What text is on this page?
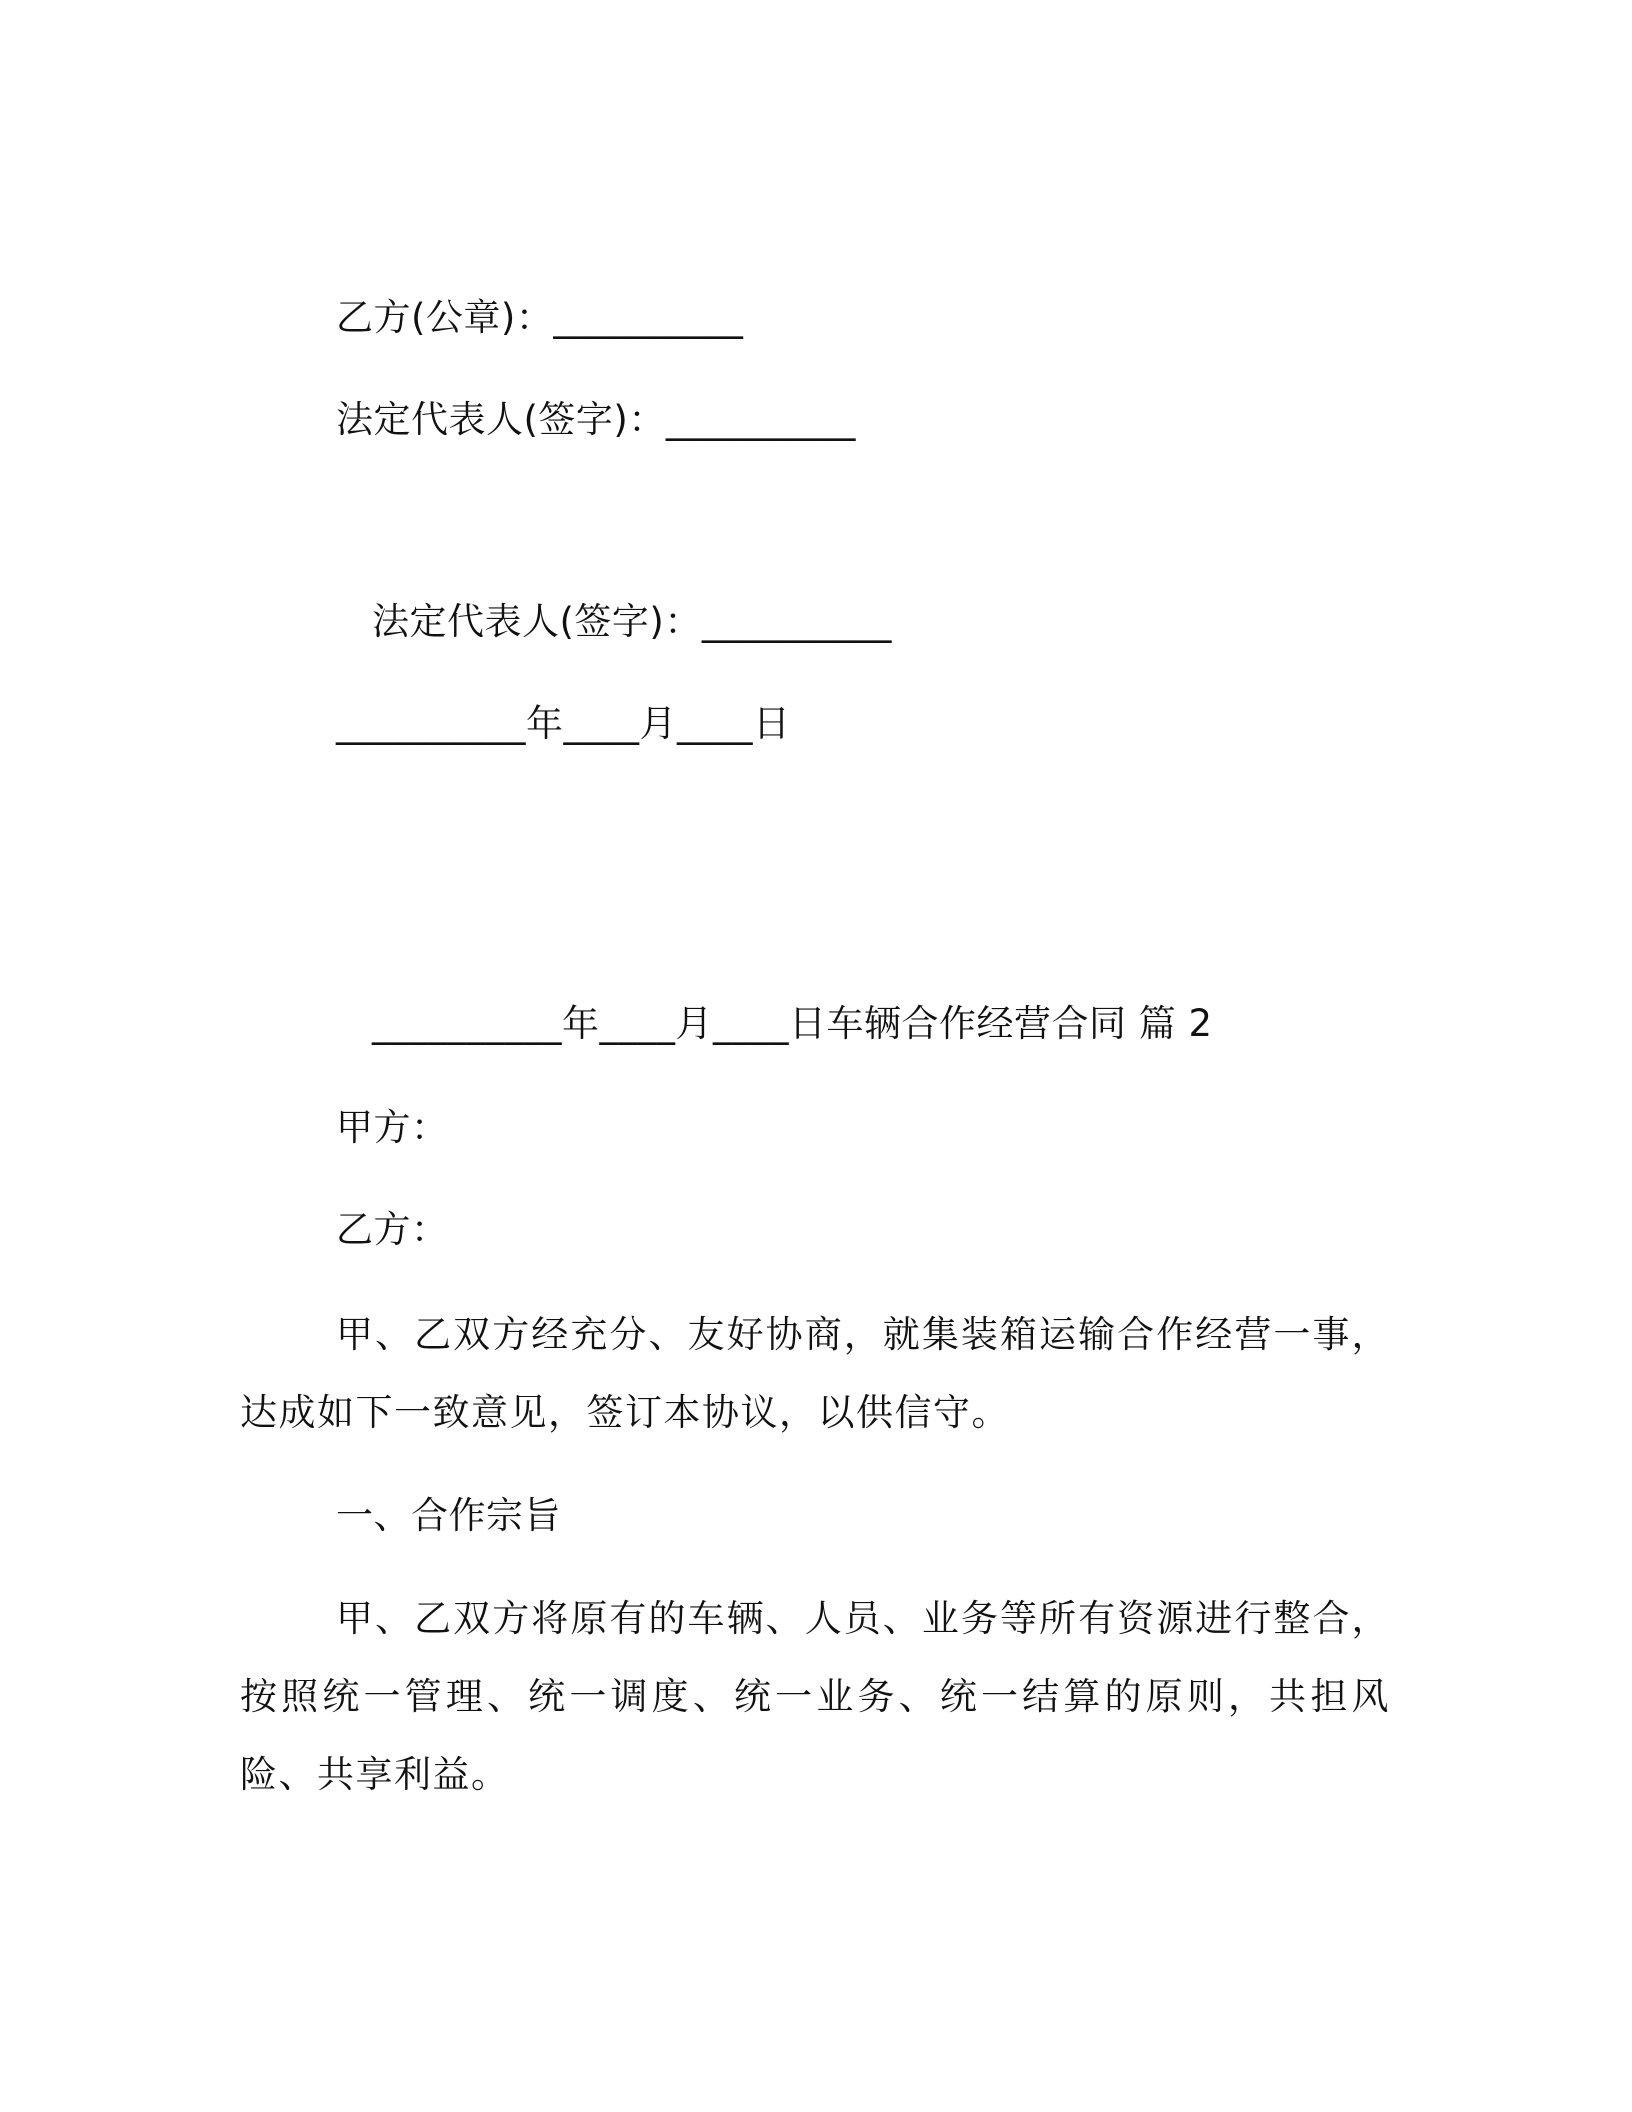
乙方(公章)：__________
法定代表人(签字)：__________
法定代表人(签字)：__________
__________年____月____日
__________年____月____日车辆合作经营合同 篇 2
甲方：
乙方：
甲、乙双方经充分、友好协商，就集装箱运输合作经营一事，达成如下一致意见，签订本协议，以供信守。
一、合作宗旨
甲、乙双方将原有的车辆、人员、业务等所有资源进行整合，按照统一管理、统一调度、统一业务、统一结算的原则，共担风险、共享利益。
